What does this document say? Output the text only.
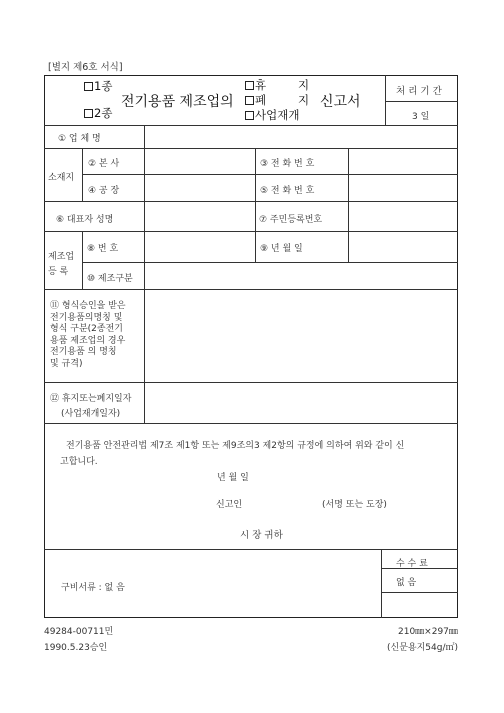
[별지 제6호 서식]
1종
2종
전기용품 제조업의
휴	지
폐	지
사업재개
신고서
처 리 기 간
3 일
① 업 체 명
소재지
② 본 사	③ 전 화 번 호
④ 공 장	⑤ 전 화 번 호
⑥ 대표자 성명	⑦ 주민등록번호
제조업
등 록
⑧ 번 호	⑨ 년 월 일
⑩ 제조구분
⑪ 형식승인을 받은
전기용품의명칭 및
형식 구분(2종전기
용품 제조업의 경우
전기용품 의 명칭
및 규격)
⑫ 휴지또는폐지일자
(사업재개일자)
전기용품 안전관리법 제7조 제1항 또는 제9조의3 제2항의 규정에 의하여 위와 같이 신
고합니다.
년 월 일
신고인	(서명 또는 도장)
시 장 귀하
구비서류 : 없 음
수 수 료
없 음
49284-00711민
1990.5.23승인
210㎜×297㎜
(신문용지54g/㎡)
